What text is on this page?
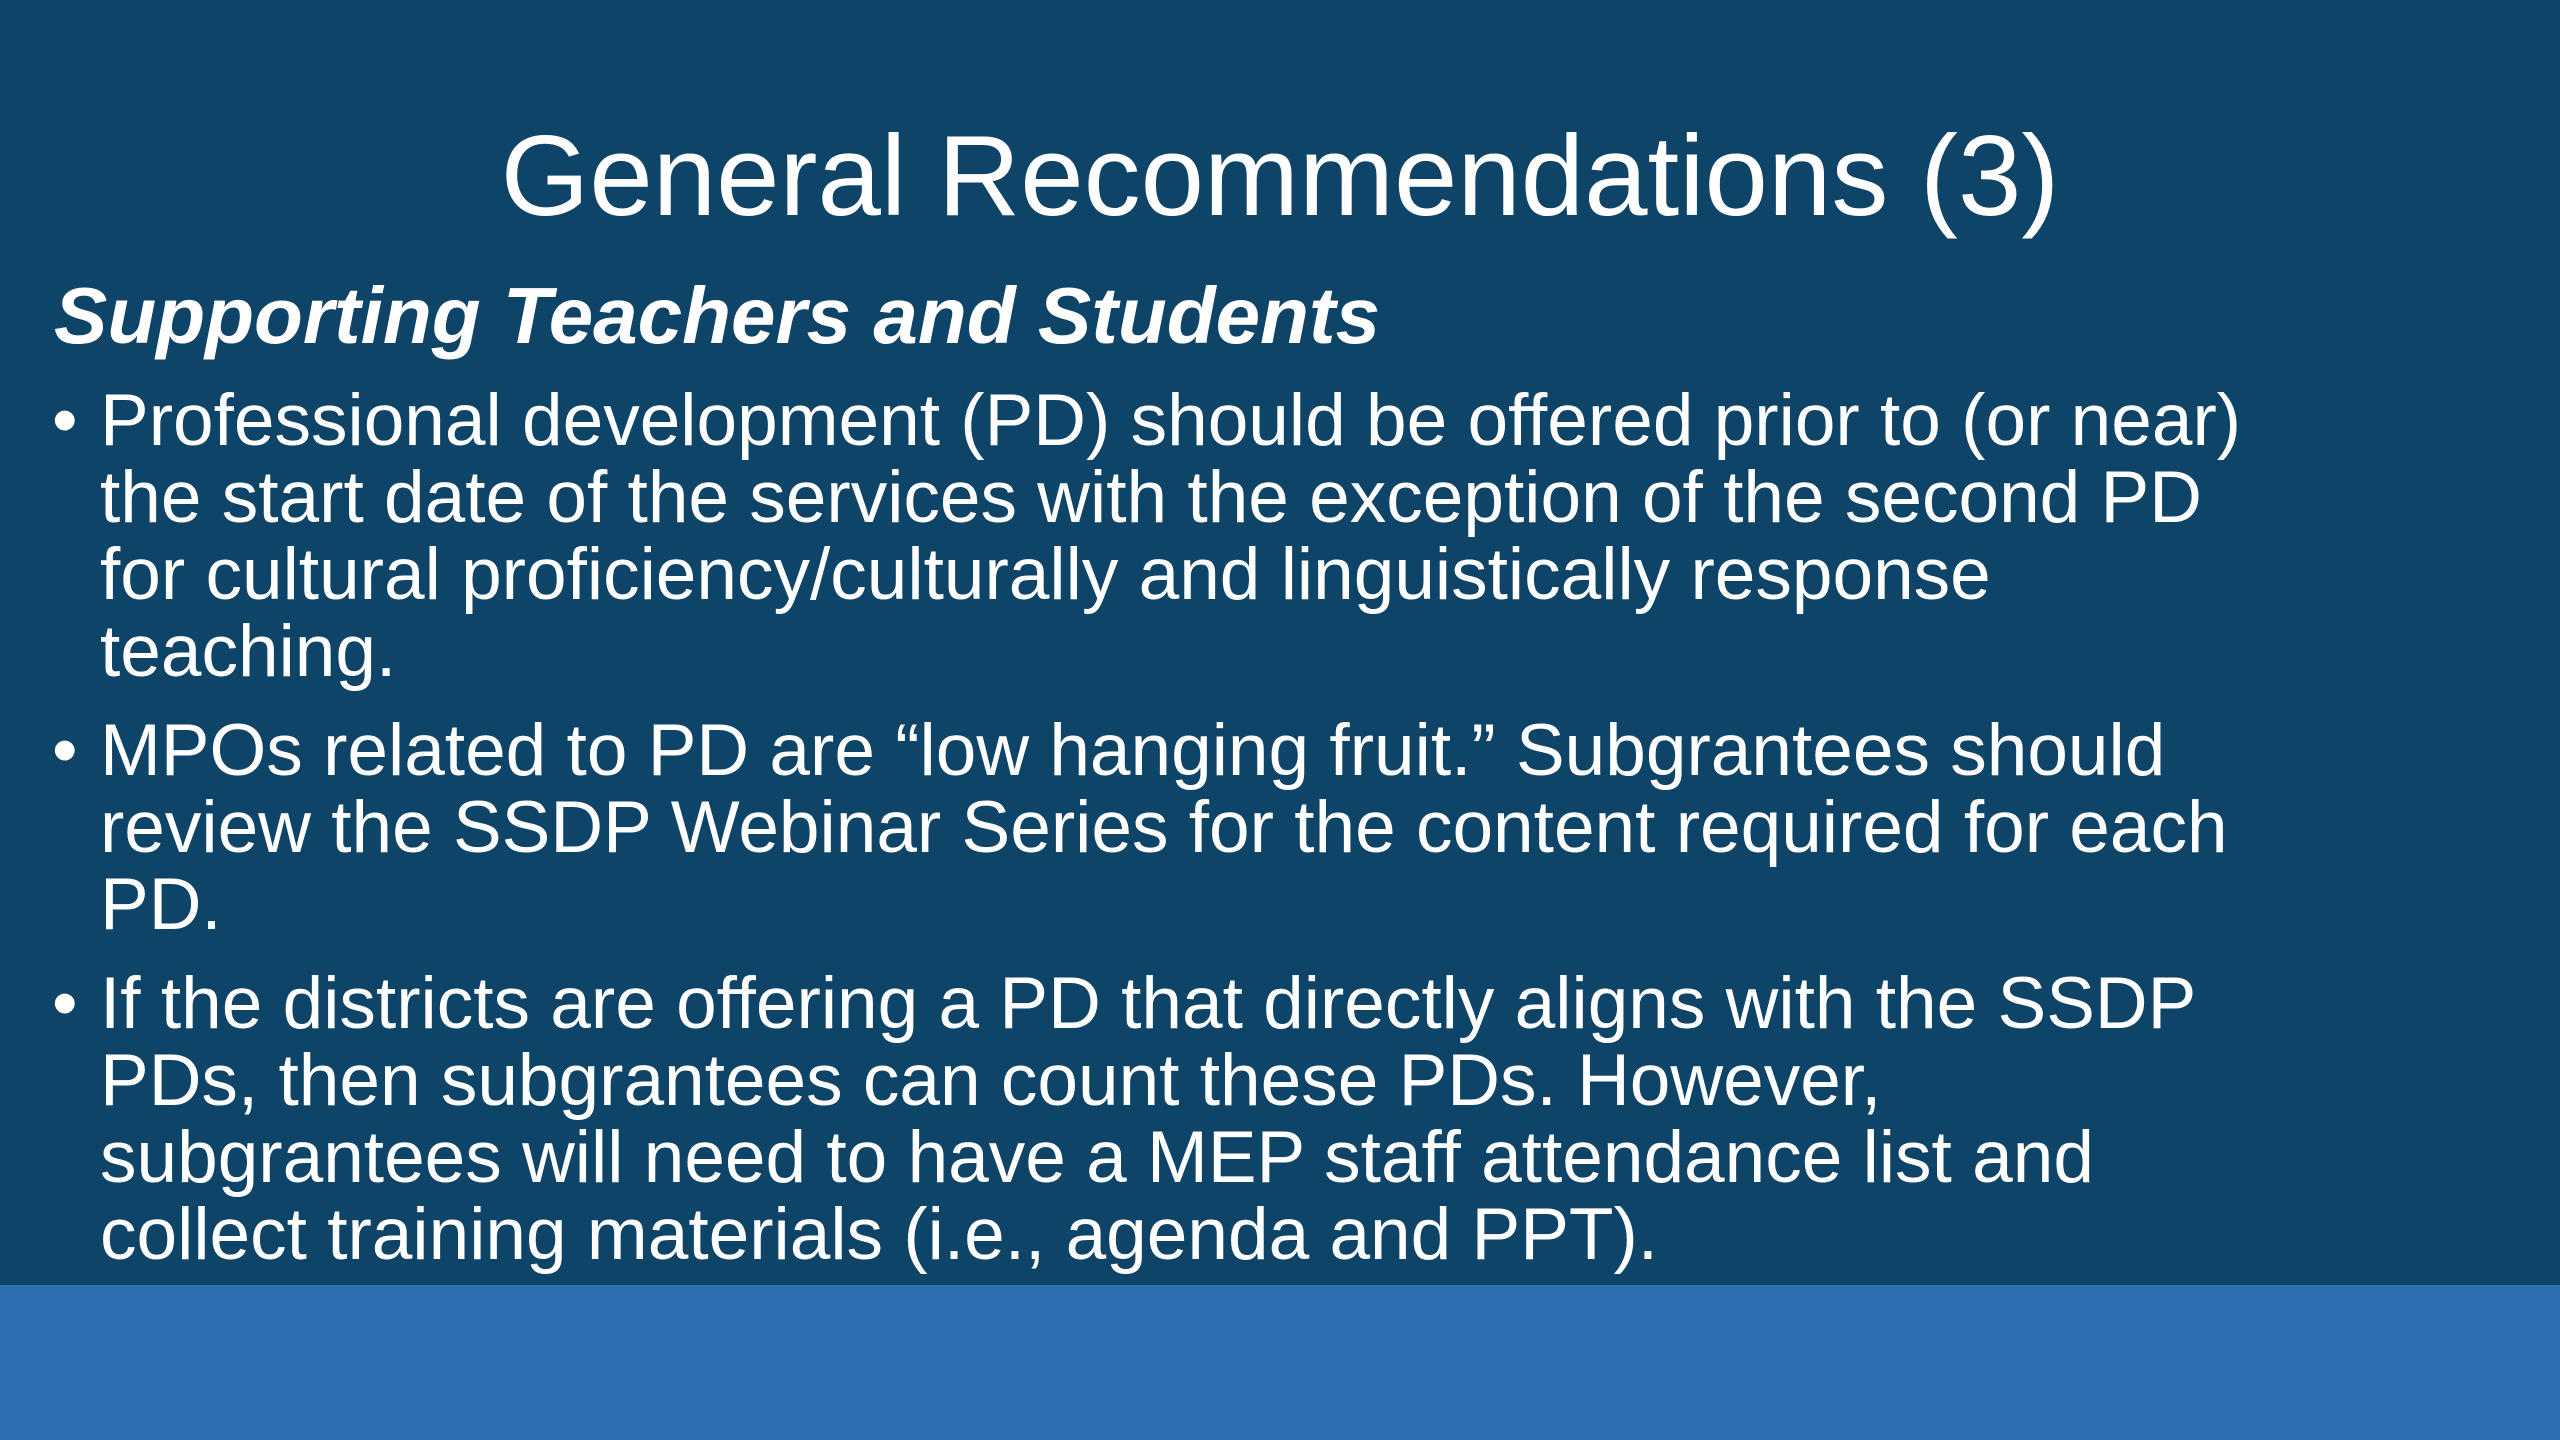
General Recommendations (3)
Supporting Teachers and Students
• Professional development (PD) should be offered prior to (or near)
the start date of the services with the exception of the second PD
for cultural proficiency/culturally and linguistically response
teaching.
• MPOs related to PD are “low hanging fruit.” Subgrantees should
review the SSDP Webinar Series for the content required for each
PD.
• If the districts are offering a PD that directly aligns with the SSDP
PDs, then subgrantees can count these PDs. However,
subgrantees will need to have a MEP staff attendance list and
collect training materials (i.e., agenda and PPT).
